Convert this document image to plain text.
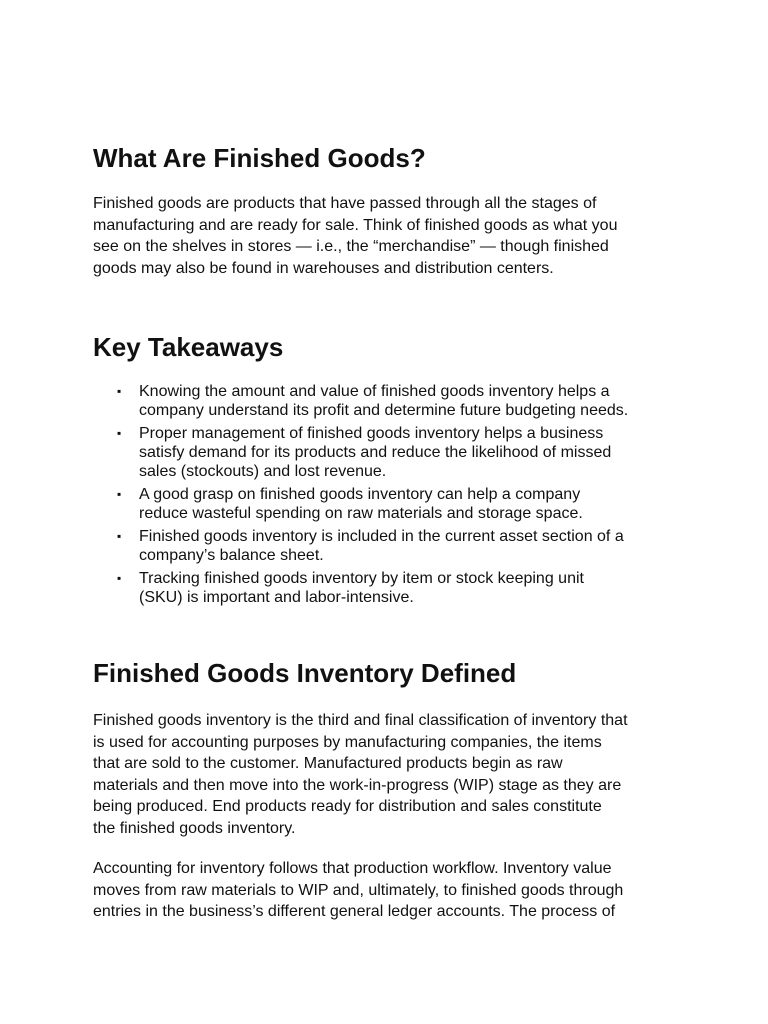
What Are Finished Goods?

Finished goods are products that have passed through all the stages of
manufacturing and are ready for sale. Think of finished goods as what you
see on the shelves in stores — i.e., the “merchandise” — though finished
goods may also be found in warehouses and distribution centers.

Key Takeaways
▪	Knowing the amount and value of finished goods inventory helps a
company understand its profit and determine future budgeting needs.
▪	Proper management of finished goods inventory helps a business
satisfy demand for its products and reduce the likelihood of missed
sales (stockouts) and lost revenue.
▪	A good grasp on finished goods inventory can help a company
reduce wasteful spending on raw materials and storage space.
▪	Finished goods inventory is included in the current asset section of a
company’s balance sheet.
▪	Tracking finished goods inventory by item or stock keeping unit
(SKU) is important and labor-intensive.
Finished Goods Inventory Defined

Finished goods inventory is the third and final classification of inventory that
is used for accounting purposes by manufacturing companies, the items
that are sold to the customer. Manufactured products begin as raw
materials and then move into the work-in-progress (WIP) stage as they are
being produced. End products ready for distribution and sales constitute
the finished goods inventory.

Accounting for inventory follows that production workflow. Inventory value
moves from raw materials to WIP and, ultimately, to finished goods through
entries in the business’s different general ledger accounts. The process of
